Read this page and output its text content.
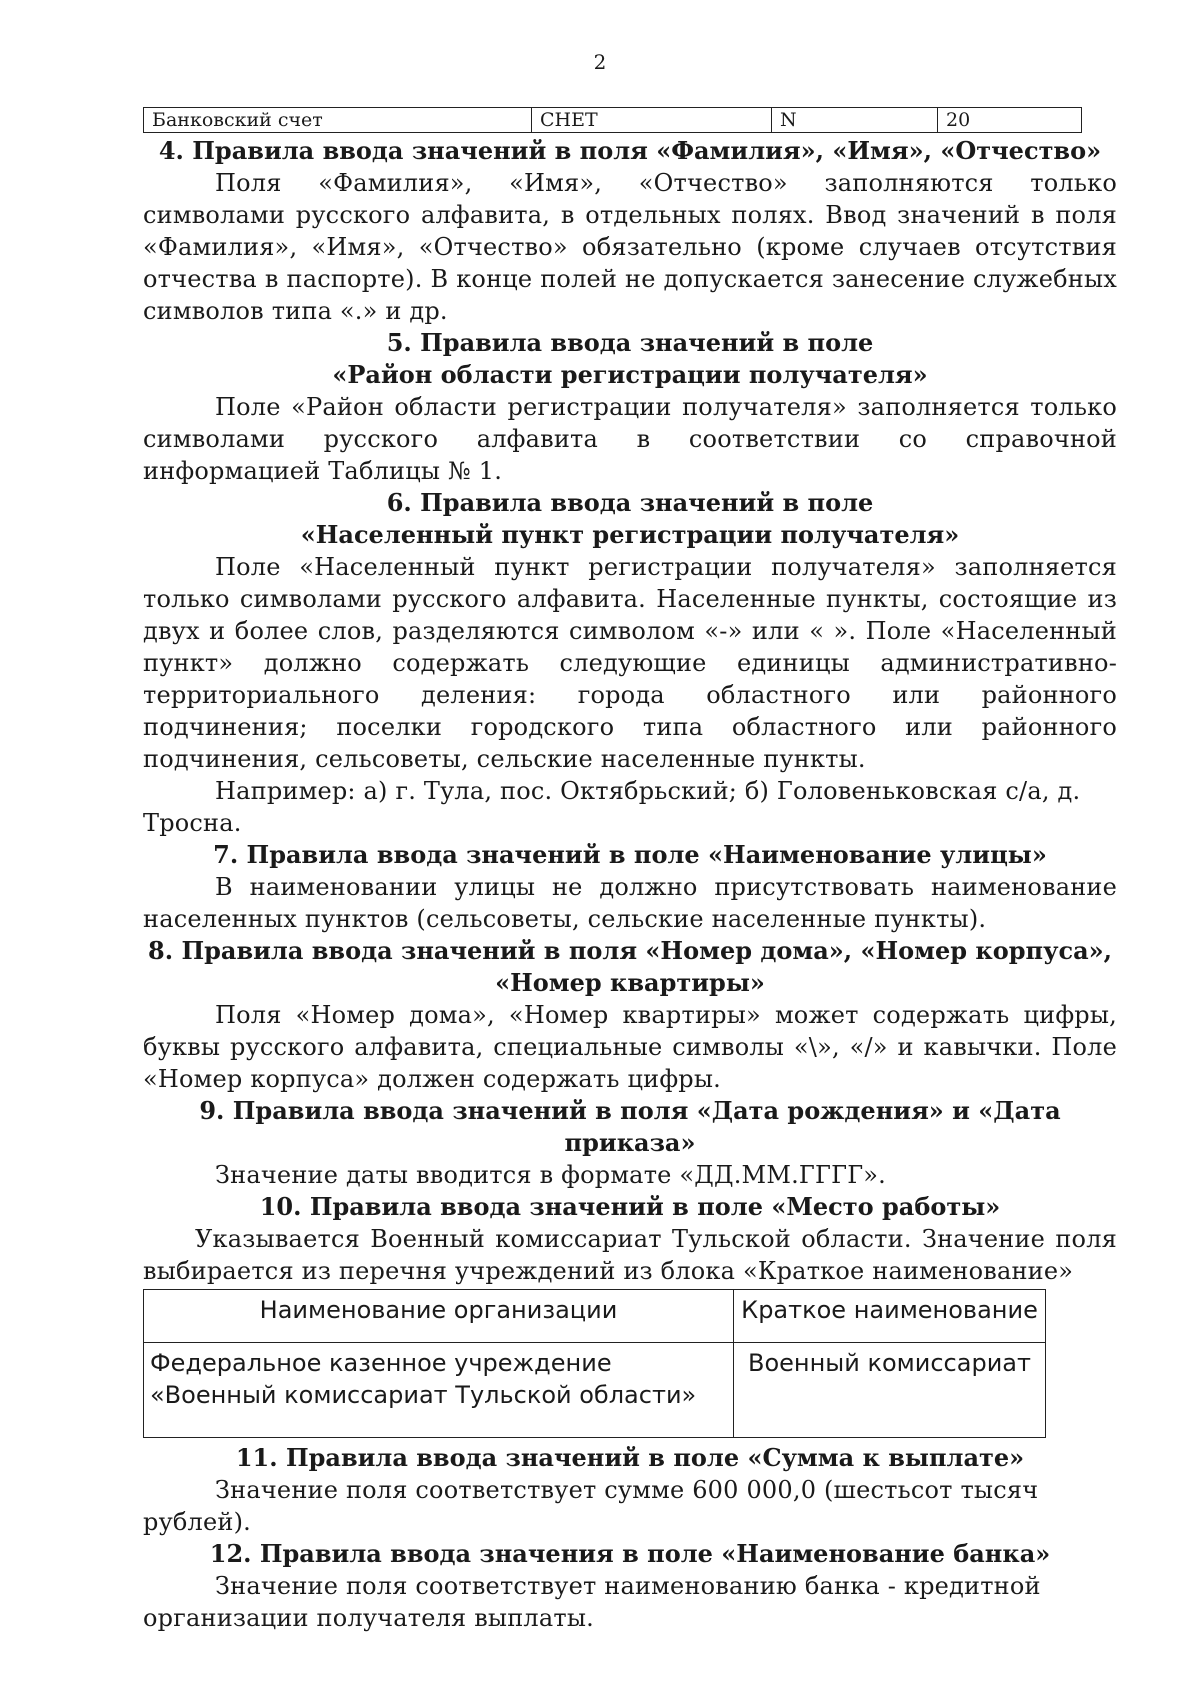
2
Банковский счет	СНЕТ	N	20

4. Правила ввода значений в поля «Фамилия», «Имя», «Отчество»

Поля «Фамилия», «Имя», «Отчество» заполняются только символами русского алфавита, в отдельных полях. Ввод значений в поля «Фамилия», «Имя», «Отчество» обязательно (кроме случаев отсутствия отчества в паспорте). В конце полей не допускается занесение служебных символов типа «.» и др.

5. Правила ввода значений в поле

«Район области регистрации получателя»

Поле «Район области регистрации получателя» заполняется только символами русского алфавита в соответствии со справочной информацией Таблицы № 1.

6. Правила ввода значений в поле

«Населенный пункт регистрации получателя»

Поле «Населенный пункт регистрации получателя» заполняется только символами русского алфавита. Населенные пункты, состоящие из двух и более слов, разделяются символом «-» или « ». Поле «Населенный пункт» должно содержать следующие единицы административно-территориального деления: города областного или районного подчинения; поселки городского типа областного или районного подчинения, сельсоветы, сельские населенные пункты.

Например: а) г. Тула, пос. Октябрьский; б) Головеньковская с/а, д. Тросна.

7. Правила ввода значений в поле «Наименование улицы»

В наименовании улицы не должно присутствовать наименование населенных пунктов (сельсоветы, сельские населенные пункты).

8. Правила ввода значений в поля «Номер дома», «Номер корпуса»,

«Номер квартиры»

Поля «Номер дома», «Номер квартиры» может содержать цифры, буквы русского алфавита, специальные символы «\», «/» и кавычки. Поле «Номер корпуса» должен содержать цифры.

9. Правила ввода значений в поля «Дата рождения» и «Дата приказа»

Значение даты вводится в формате «ДД.ММ.ГГГГ».

10. Правила ввода значений в поле «Место работы»

Указывается Военный комиссариат Тульской области. Значение поля выбирается из перечня учреждений из блока «Краткое наименование»

Наименование организации	Краткое наименование
Федеральное казенное учреждение «Военный комиссариат Тульской области»	Военный комиссариат

11. Правила ввода значений в поле «Сумма к выплате»

Значение поля соответствует сумме 600 000,0 (шестьсот тысяч рублей).

12. Правила ввода значения в поле «Наименование банка»

Значение поля соответствует наименованию банка - кредитной организации получателя выплаты.
